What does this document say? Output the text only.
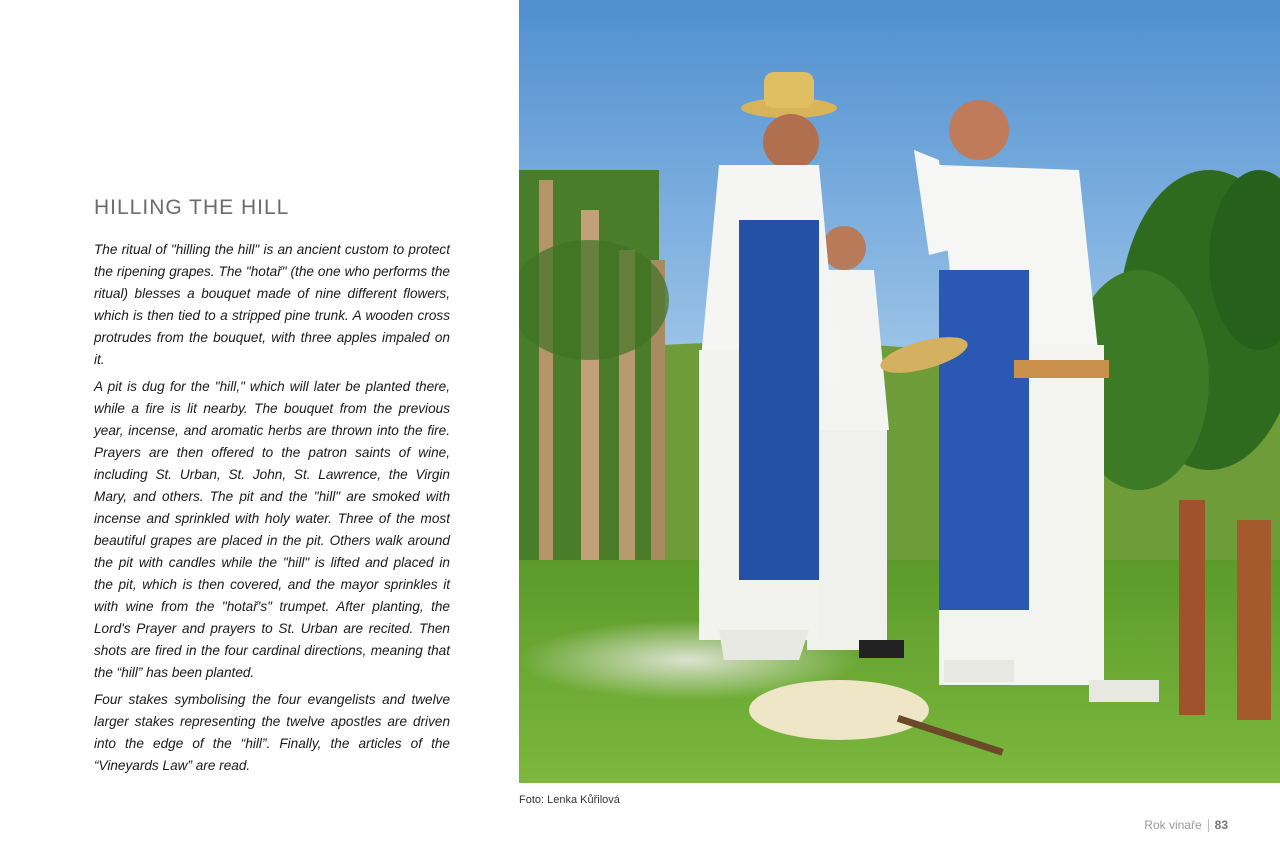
HILLING THE HILL

The ritual of "hilling the hill" is an ancient custom to protect the ripening grapes. The "hotař" (the one who performs the ritual) blesses a bouquet made of nine different flowers, which is then tied to a stripped pine trunk. A wooden cross protrudes from the bouquet, with three apples impaled on it.

A pit is dug for the "hill," which will later be planted there, while a fire is lit nearby. The bouquet from the previous year, incense, and aromatic herbs are thrown into the fire. Prayers are then offered to the patron saints of wine, including St. Urban, St. John, St. Lawrence, the Virgin Mary, and others. The pit and the "hill" are smoked with incense and sprinkled with holy water. Three of the most beautiful grapes are placed in the pit. Others walk around the pit with candles while the "hill" is lifted and placed in the pit, which is then covered, and the mayor sprinkles it with wine from the "hotař's" trumpet. After planting, the Lord's Prayer and prayers to St. Urban are recited. Then shots are fired in the four cardinal directions, meaning that the “hill” has been planted.

Four stakes symbolising the four evangelists and twelve larger stakes representing the twelve apostles are driven into the edge of the “hill”. Finally, the articles of the “Vineyards Law” are read.

Foto: Lenka Kůřilová
Rok vinaře 83
